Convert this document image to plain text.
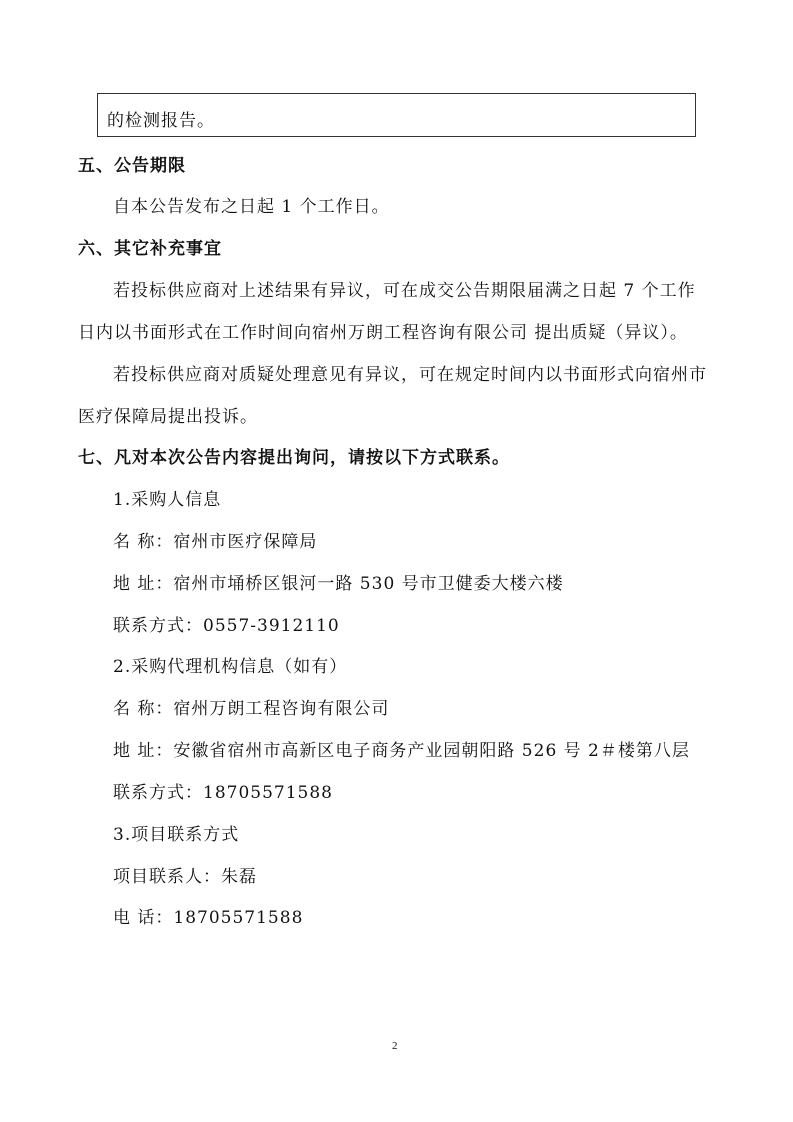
的检测报告。
五、公告期限
自本公告发布之日起 1 个工作日。
六、其它补充事宜
若投标供应商对上述结果有异议，可在成交公告期限届满之日起 7 个工作
日内以书面形式在工作时间向宿州万朗工程咨询有限公司 提出质疑（异议）。
若投标供应商对质疑处理意见有异议，可在规定时间内以书面形式向宿州市
医疗保障局提出投诉。
七、凡对本次公告内容提出询问，请按以下方式联系。
1.采购人信息
名 称：宿州市医疗保障局
地 址：宿州市埇桥区银河一路 530 号市卫健委大楼六楼
联系方式：0557-3912110
2.采购代理机构信息（如有）
名 称：宿州万朗工程咨询有限公司
地 址：安徽省宿州市高新区电子商务产业园朝阳路 526 号 2＃楼第八层
联系方式：18705571588
3.项目联系方式
项目联系人：朱磊
电 话：18705571588
2
